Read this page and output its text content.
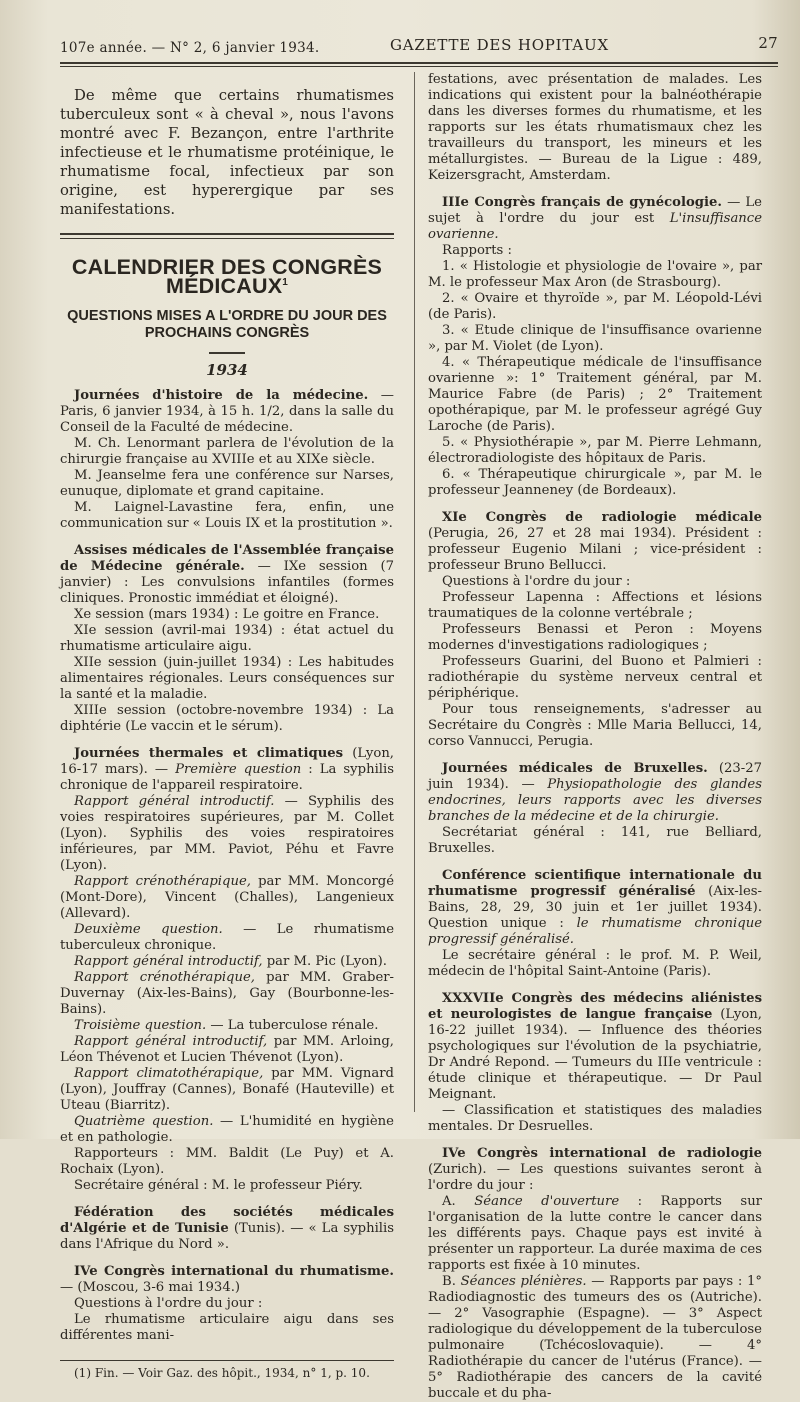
107e année. — N° 2, 6 janvier 1934.	GAZETTE DES HOPITAUX	27

De même que certains rhumatismes tuberculeux sont « à cheval », nous l'avons montré avec F. Bezançon, entre l'arthrite infectieuse et le rhumatisme protéinique, le rhumatisme focal, infectieux par son origine, est hyperergique par ses manifestations.

CALENDRIER DES CONGRÈS MÉDICAUX$^1$
QUESTIONS MISES A L'ORDRE DU JOUR DES PROCHAINS CONGRÈS
1934

Journées d'histoire de la médecine. — Paris, 6 janvier 1934, à 15 h. 1/2, dans la salle du Conseil de la Faculté de médecine.

M. Ch. Lenormant parlera de l'évolution de la chirurgie française au XVIIIe et au XIXe siècle.

M. Jeanselme fera une conférence sur Narses, eunuque, diplomate et grand capitaine.

M. Laignel-Lavastine fera, enfin, une communication sur « Louis IX et la prostitution ».

Assises médicales de l'Assemblée française de Médecine générale. — IXe session (7 janvier) : Les convulsions infantiles (formes cliniques. Pronostic immédiat et éloigné).

Xe session (mars 1934) : Le goitre en France.

XIe session (avril-mai 1934) : état actuel du rhumatisme articulaire aigu.

XIIe session (juin-juillet 1934) : Les habitudes alimentaires régionales. Leurs conséquences sur la santé et la maladie.

XIIIe session (octobre-novembre 1934) : La diphtérie (Le vaccin et le sérum).

Journées thermales et climatiques (Lyon, 16-17 mars). — Première question : La syphilis chronique de l'appareil respiratoire.

Rapport général introductif. — Syphilis des voies respiratoires supérieures, par M. Collet (Lyon). Syphilis des voies respiratoires inférieures, par MM. Paviot, Péhu et Favre (Lyon).

Rapport crénothérapique, par MM. Moncorgé (Mont-Dore), Vincent (Challes), Langenieux (Allevard).

Deuxième question. — Le rhumatisme tuberculeux chronique.

Rapport général introductif, par M. Pic (Lyon).

Rapport crénothérapique, par MM. Graber-Duvernay (Aix-les-Bains), Gay (Bourbonne-les-Bains).

Troisième question. — La tuberculose rénale.

Rapport général introductif, par MM. Arloing, Léon Thévenot et Lucien Thévenot (Lyon).

Rapport climatothérapique, par MM. Vignard (Lyon), Jouffray (Cannes), Bonafé (Hauteville) et Uteau (Biarritz).

Quatrième question. — L'humidité en hygiène et en pathologie.

Rapporteurs : MM. Baldit (Le Puy) et A. Rochaix (Lyon).

Secrétaire général : M. le professeur Piéry.

Fédération des sociétés médicales d'Algérie et de Tunisie (Tunis). — « La syphilis dans l'Afrique du Nord ».

IVe Congrès international du rhumatisme. — (Moscou, 3-6 mai 1934.)

Questions à l'ordre du jour :

Le rhumatisme articulaire aigu dans ses différentes mani-

(1) Fin. — Voir Gaz. des hôpit., 1934, n° 1, p. 10.

festations, avec présentation de malades. Les indications qui existent pour la balnéothérapie dans les diverses formes du rhumatisme, et les rapports sur les états rhumatismaux chez les travailleurs du transport, les mineurs et les métallurgistes. — Bureau de la Ligue : 489, Keizersgracht, Amsterdam.

IIIe Congrès français de gynécologie. — Le sujet à l'ordre du jour est L'insuffisance ovarienne.

Rapports :

1. « Histologie et physiologie de l'ovaire », par M. le professeur Max Aron (de Strasbourg).

2. « Ovaire et thyroïde », par M. Léopold-Lévi (de Paris).

3. « Etude clinique de l'insuffisance ovarienne », par M. Violet (de Lyon).

4. « Thérapeutique médicale de l'insuffisance ovarienne »: 1° Traitement général, par M. Maurice Fabre (de Paris) ; 2° Traitement opothérapique, par M. le professeur agrégé Guy Laroche (de Paris).

5. « Physiothérapie », par M. Pierre Lehmann, électroradiologiste des hôpitaux de Paris.

6. « Thérapeutique chirurgicale », par M. le professeur Jeanneney (de Bordeaux).

XIe Congrès de radiologie médicale (Perugia, 26, 27 et 28 mai 1934). Président : professeur Eugenio Milani ; vice-président : professeur Bruno Bellucci.

Questions à l'ordre du jour :

Professeur Lapenna : Affections et lésions traumatiques de la colonne vertébrale ;

Professeurs Benassi et Peron : Moyens modernes d'investigations radiologiques ;

Professeurs Guarini, del Buono et Palmieri : radiothérapie du système nerveux central et périphérique.

Pour tous renseignements, s'adresser au Secrétaire du Congrès : Mlle Maria Bellucci, 14, corso Vannucci, Perugia.

Journées médicales de Bruxelles. (23-27 juin 1934). — Physiopathologie des glandes endocrines, leurs rapports avec les diverses branches de la médecine et de la chirurgie.

Secrétariat général : 141, rue Belliard, Bruxelles.

Conférence scientifique internationale du rhumatisme progressif généralisé (Aix-les-Bains, 28, 29, 30 juin et 1er juillet 1934). Question unique : le rhumatisme chronique progressif généralisé.

Le secrétaire général : le prof. M. P. Weil, médecin de l'hôpital Saint-Antoine (Paris).

XXXVIIe Congrès des médecins aliénistes et neurologistes de langue française (Lyon, 16-22 juillet 1934). — Influence des théories psychologiques sur l'évolution de la psychiatrie, Dr André Repond. — Tumeurs du IIIe ventricule : étude clinique et thérapeutique. — Dr Paul Meignant.

— Classification et statistiques des maladies mentales. Dr Desruelles.

IVe Congrès international de radiologie (Zurich). — Les questions suivantes seront à l'ordre du jour :

A. Séance d'ouverture : Rapports sur l'organisation de la lutte contre le cancer dans les différents pays. Chaque pays est invité à présenter un rapporteur. La durée maxima de ces rapports est fixée à 10 minutes.

B. Séances plénières. — Rapports par pays : 1° Radiodiagnostic des tumeurs des os (Autriche). — 2° Vasographie (Espagne). — 3° Aspect radiologique du développement de la tuberculose pulmonaire (Tchécoslovaquie). — 4° Radiothérapie du cancer de l'utérus (France). — 5° Radiothérapie des cancers de la cavité buccale et du pha-
